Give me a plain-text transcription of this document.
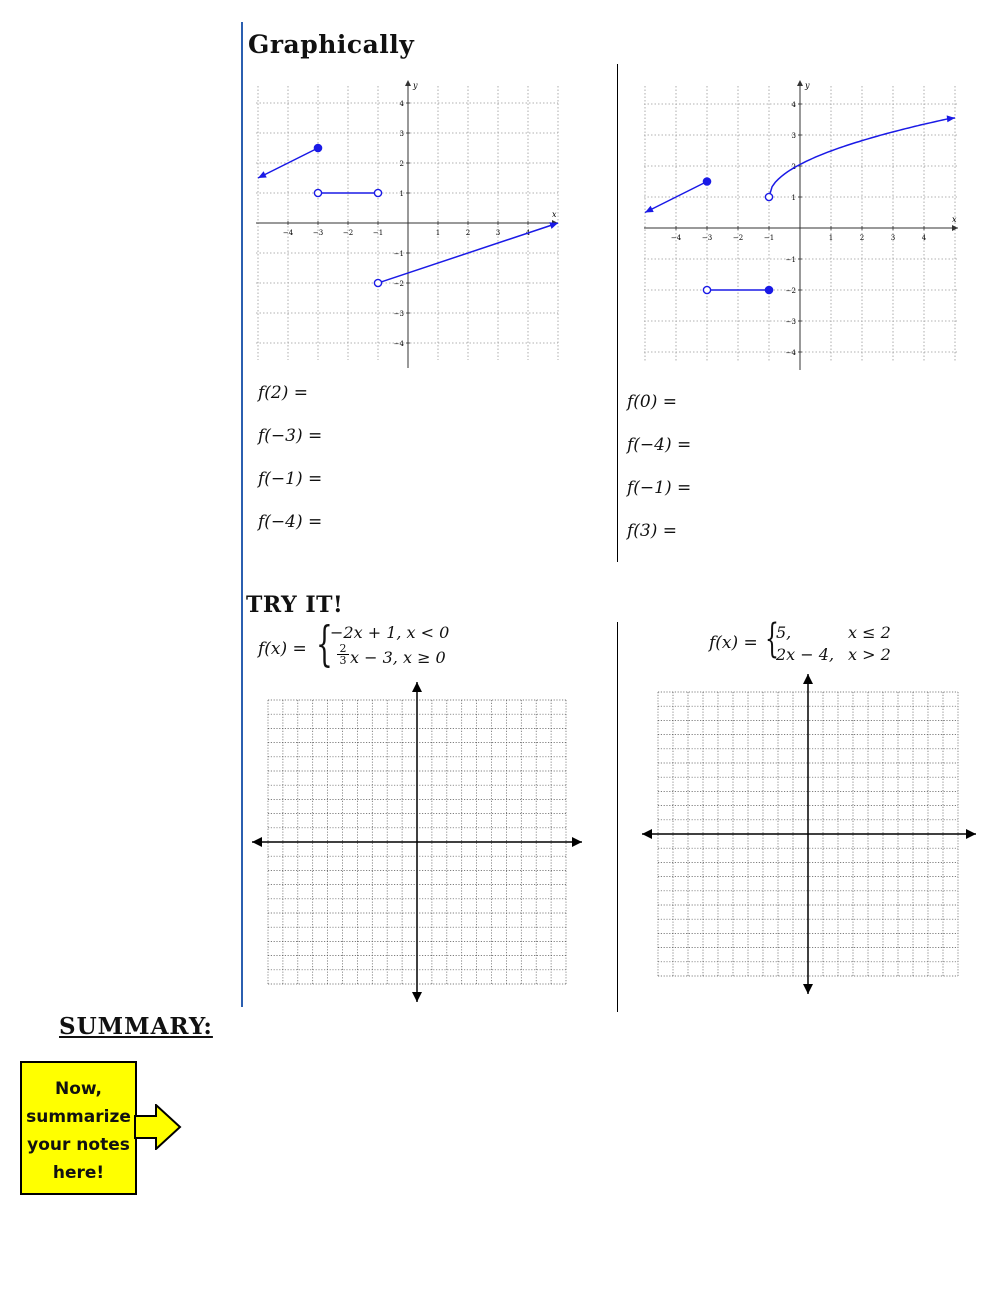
Graphically
x
y
−4	−3	−2	−1	1	2	3
4
3
2
1
−1
−2
−3
−4
x
y
−4	−3	−2	−1	1	2	3	4
4
3
2
1
−1
−2
−3
−4
f(2) =
f(−3) =
f(−1) =
f(−4) =
f(0) =
f(−4) =
f(−1) =
f(3) =
TRY IT!
f(x) = {
−2x + 1, x < 0
$\frac{2}{3}$ x − 3, x ≥ 0
f(x) = {
5,	x ≤ 2
2x − 4, x > 2
SUMMARY:
Now,
summarize
your notes
here!
